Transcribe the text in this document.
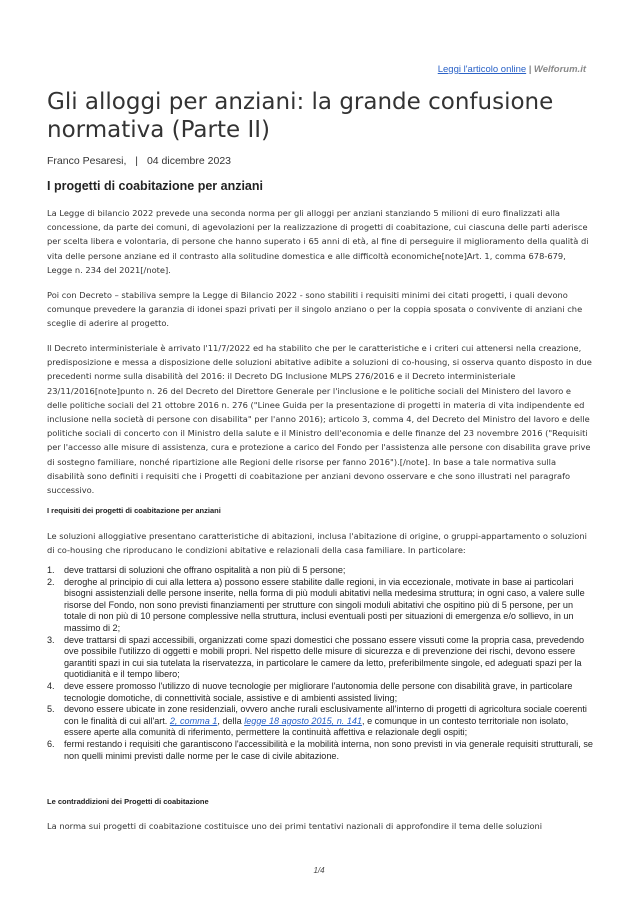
Leggi l'articolo online | Welforum.it
Gli alloggi per anziani: la grande confusione normativa (Parte II)
Franco Pesaresi, | 04 dicembre 2023
I progetti di coabitazione per anziani

La Legge di bilancio 2022 prevede una seconda norma per gli alloggi per anziani stanziando 5 milioni di euro finalizzati alla concessione, da parte dei comuni, di agevolazioni per la realizzazione di progetti di coabitazione, cui ciascuna delle parti aderisce per scelta libera e volontaria, di persone che hanno superato i 65 anni di età, al fine di perseguire il miglioramento della qualità di vita delle persone anziane ed il contrasto alla solitudine domestica e alle difficoltà economiche[note]Art. 1, comma 678-679, Legge n. 234 del 2021[/note].

Poi con Decreto – stabiliva sempre la Legge di Bilancio 2022 - sono stabiliti i requisiti minimi dei citati progetti, i quali devono comunque prevedere la garanzia di idonei spazi privati per il singolo anziano o per la coppia sposata o convivente di anziani che sceglie di aderire al progetto.

Il Decreto interministeriale è arrivato l'11/7/2022 ed ha stabilito che per le caratteristiche e i criteri cui attenersi nella creazione, predisposizione e messa a disposizione delle soluzioni abitative adibite a soluzioni di co-housing, si osserva quanto disposto in due precedenti norme sulla disabilità del 2016: il Decreto DG Inclusione MLPS 276/2016 e il Decreto interministeriale 23/11/2016[note]punto n. 26 del Decreto del Direttore Generale per l'inclusione e le politiche sociali del Ministero del lavoro e delle politiche sociali del 21 ottobre 2016 n. 276 ("Linee Guida per la presentazione di progetti in materia di vita indipendente ed inclusione nella società di persone con disabilita" per l'anno 2016); articolo 3, comma 4, del Decreto del Ministro del lavoro e delle politiche sociali di concerto con il Ministro della salute e il Ministro dell'economia e delle finanze del 23 novembre 2016 ("Requisiti per l'accesso alle misure di assistenza, cura e protezione a carico del Fondo per l'assistenza alle persone con disabilita grave prive di sostegno familiare, nonché ripartizione alle Regioni delle risorse per fanno 2016").[/note]. In base a tale normativa sulla disabilità sono definiti i requisiti che i Progetti di coabitazione per anziani devono osservare e che sono illustrati nel paragrafo successivo.

I requisiti dei progetti di coabitazione per anziani

Le soluzioni alloggiative presentano caratteristiche di abitazioni, inclusa l'abitazione di origine, o gruppi-appartamento o soluzioni di co-housing che riproducano le condizioni abitative e relazionali della casa familiare. In particolare:

1. deve trattarsi di soluzioni che offrano ospitalità a non più di 5 persone;
2. deroghe al principio di cui alla lettera a) possono essere stabilite dalle regioni, in via eccezionale, motivate in base ai particolari bisogni assistenziali delle persone inserite, nella forma di più moduli abitativi nella medesima struttura; in ogni caso, a valere sulle risorse del Fondo, non sono previsti finanziamenti per strutture con singoli moduli abitativi che ospitino più di 5 persone, per un totale di non più di 10 persone complessive nella struttura, inclusi eventuali posti per situazioni di emergenza e/o sollievo, in un massimo di 2;
3. deve trattarsi di spazi accessibili, organizzati come spazi domestici che possano essere vissuti come la propria casa, prevedendo ove possibile l'utilizzo di oggetti e mobili propri. Nel rispetto delle misure di sicurezza e di prevenzione dei rischi, devono essere garantiti spazi in cui sia tutelata la riservatezza, in particolare le camere da letto, preferibilmente singole, ed adeguati spazi per la quotidianità e il tempo libero;
4. deve essere promosso l'utilizzo di nuove tecnologie per migliorare l'autonomia delle persone con disabilità grave, in particolare tecnologie domotiche, di connettività sociale, assistive e di ambienti assisted living;
5. devono essere ubicate in zone residenziali, ovvero anche rurali esclusivamente all'interno di progetti di agricoltura sociale coerenti con le finalità di cui all'art. 2, comma 1, della legge 18 agosto 2015, n. 141, e comunque in un contesto territoriale non isolato, essere aperte alla comunità di riferimento, permettere la continuità affettiva e relazionale degli ospiti;
6. fermi restando i requisiti che garantiscono l'accessibilità e la mobilità interna, non sono previsti in via generale requisiti strutturali, se non quelli minimi previsti dalle norme per le case di civile abitazione.
Le contraddizioni dei Progetti di coabitazione

La norma sui progetti di coabitazione costituisce uno dei primi tentativi nazionali di approfondire il tema delle soluzioni

1/4
